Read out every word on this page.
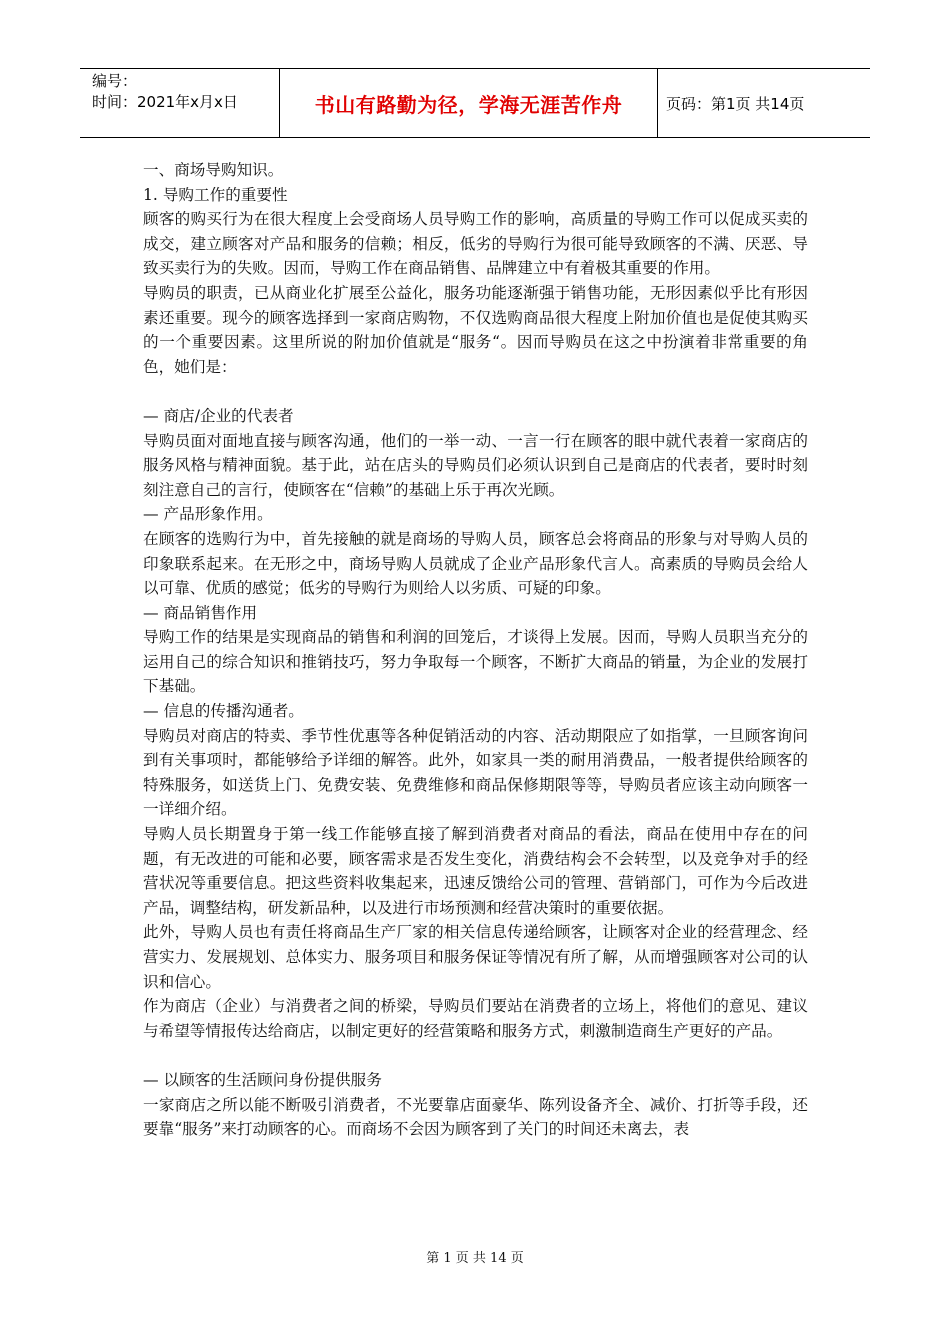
编号：
时间：2021年x月x日	书山有路勤为径，学海无涯苦作舟	页码：第1页 共14页

一、商场导购知识。

1. 导购工作的重要性

顾客的购买行为在很大程度上会受商场人员导购工作的影响，高质量的导购工作可以促成买卖的成交，建立顾客对产品和服务的信赖；相反，低劣的导购行为很可能导致顾客的不满、厌恶、导致买卖行为的失败。因而，导购工作在商品销售、品牌建立中有着极其重要的作用。

导购员的职责，已从商业化扩展至公益化，服务功能逐渐强于销售功能，无形因素似乎比有形因素还重要。现今的顾客选择到一家商店购物，不仅选购商品很大程度上附加价值也是促使其购买的一个重要因素。这里所说的附加价值就是“服务“。因而导购员在这之中扮演着非常重要的角色，她们是：

— 商店/企业的代表者

导购员面对面地直接与顾客沟通，他们的一举一动、一言一行在顾客的眼中就代表着一家商店的服务风格与精神面貌。基于此，站在店头的导购员们必须认识到自己是商店的代表者，要时时刻刻注意自己的言行，使顾客在“信赖”的基础上乐于再次光顾。

— 产品形象作用。

在顾客的选购行为中，首先接触的就是商场的导购人员，顾客总会将商品的形象与对导购人员的印象联系起来。在无形之中，商场导购人员就成了企业产品形象代言人。高素质的导购员会给人以可靠、优质的感觉；低劣的导购行为则给人以劣质、可疑的印象。

— 商品销售作用

导购工作的结果是实现商品的销售和利润的回笼后，才谈得上发展。因而，导购人员职当充分的运用自己的综合知识和推销技巧，努力争取每一个顾客，不断扩大商品的销量，为企业的发展打下基础。

— 信息的传播沟通者。

导购员对商店的特卖、季节性优惠等各种促销活动的内容、活动期限应了如指掌，一旦顾客询问到有关事项时，都能够给予详细的解答。此外，如家具一类的耐用消费品，一般者提供给顾客的特殊服务，如送货上门、免费安装、免费维修和商品保修期限等等，导购员者应该主动向顾客一一详细介绍。

导购人员长期置身于第一线工作能够直接了解到消费者对商品的看法，商品在使用中存在的问题，有无改进的可能和必要，顾客需求是否发生变化，消费结构会不会转型，以及竞争对手的经营状况等重要信息。把这些资料收集起来，迅速反馈给公司的管理、营销部门，可作为今后改进产品，调整结构，研发新品种，以及进行市场预测和经营决策时的重要依据。

此外，导购人员也有责任将商品生产厂家的相关信息传递给顾客，让顾客对企业的经营理念、经营实力、发展规划、总体实力、服务项目和服务保证等情况有所了解，从而增强顾客对公司的认识和信心。

作为商店（企业）与消费者之间的桥梁，导购员们要站在消费者的立场上，将他们的意见、建议与希望等情报传达给商店，以制定更好的经营策略和服务方式，刺激制造商生产更好的产品。

— 以顾客的生活顾问身份提供服务

一家商店之所以能不断吸引消费者，不光要靠店面豪华、陈列设备齐全、减价、打折等手段，还要靠“服务”来打动顾客的心。而商场不会因为顾客到了关门的时间还未离去，表

第 1 页 共 14 页
